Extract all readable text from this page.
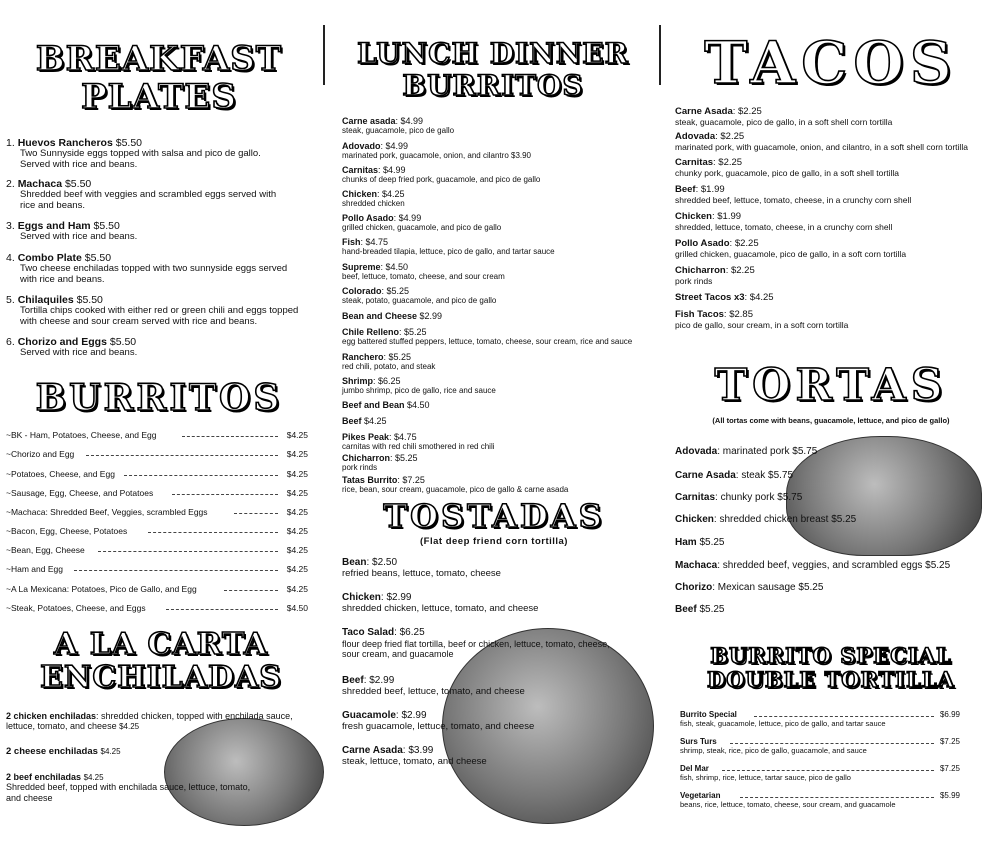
BREAKFAST
PLATES
1. Huevos Rancheros $5.50
Two Sunnyside eggs topped with salsa and pico de gallo.
Served with rice and beans.
2. Machaca $5.50
Shredded beef with veggies and scrambled eggs served with
rice and beans.
3. Eggs and Ham $5.50
Served with rice and beans.
4. Combo Plate $5.50
Two cheese enchiladas topped with two sunnyside eggs served
with rice and beans.
5. Chilaquiles $5.50
Tortilla chips cooked with either red or green chili and eggs topped
with cheese and sour cream served with rice and beans.
6. Chorizo and Eggs $5.50
Served with rice and beans.
BURRITOS
~BK - Ham, Potatoes, Cheese, and Egg	$4.25
~Chorizo and Egg	$4.25
~Potatoes, Cheese, and Egg	$4.25
~Sausage, Egg, Cheese, and Potatoes	$4.25
~Machaca: Shredded Beef, Veggies, scrambled Eggs	$4.25
~Bacon, Egg, Cheese, Potatoes	$4.25
~Bean, Egg, Cheese	$4.25
~Ham and Egg	$4.25
~A La Mexicana: Potatoes, Pico de Gallo, and Egg	$4.25
~Steak, Potatoes, Cheese, and Eggs	$4.50
A LA CARTA
ENCHILADAS
2 chicken enchiladas: shredded chicken, topped with enchilada sauce,
lettuce, tomato, and cheese $4.25
2 cheese enchiladas $4.25
2 beef enchiladas $4.25
Shredded beef, topped with enchilada sauce, lettuce, tomato,
and cheese
LUNCH DINNER
BURRITOS
Carne asada: $4.99
steak, guacamole, pico de gallo
Adovado: $4.99
marinated pork, guacamole, onion, and cilantro $3.90
Carnitas: $4.99
chunks of deep fried pork, guacamole, and pico de gallo
Chicken: $4.25
shredded chicken
Pollo Asado: $4.99
grilled chicken, guacamole, and pico de gallo
Fish: $4.75
hand-breaded tilapia, lettuce, pico de gallo, and tartar sauce
Supreme: $4.50
beef, lettuce, tomato, cheese, and sour cream
Colorado: $5.25
steak, potato, guacamole, and pico de gallo
Bean and Cheese $2.99
Chile Relleno: $5.25
egg battered stuffed peppers, lettuce, tomato, cheese, sour cream, rice and sauce
Ranchero: $5.25
red chili, potato, and steak
Shrimp: $6.25
jumbo shrimp, pico de gallo, rice and sauce
Beef and Bean $4.50
Beef $4.25
Pikes Peak: $4.75
carnitas with red chili smothered in red chili
Chicharron: $5.25
pork rinds
Tatas Burrito: $7.25
rice, bean, sour cream, guacamole, pico de gallo & carne asada
TOSTADAS
(Flat deep friend corn tortilla)
Bean: $2.50
refried beans, lettuce, tomato, cheese
Chicken: $2.99
shredded chicken, lettuce, tomato, and cheese
Taco Salad: $6.25
flour deep fried flat tortilla, beef or chicken, lettuce, tomato, cheese,
sour cream, and guacamole
Beef: $2.99
shredded beef, lettuce, tomato, and cheese
Guacamole: $2.99
fresh guacamole, lettuce, tomato, and cheese
Carne Asada: $3.99
steak, lettuce, tomato, and cheese
TACOS
Carne Asada: $2.25
steak, guacamole, pico de gallo, in a soft shell corn tortilla
Adovada: $2.25
marinated pork, with guacamole, onion, and cilantro, in a soft shell corn tortilla
Carnitas: $2.25
chunky pork, guacamole, pico de gallo, in a soft shell tortilla
Beef: $1.99
shredded beef, lettuce, tomato, cheese, in a crunchy corn shell
Chicken: $1.99
shredded, lettuce, tomato, cheese, in a crunchy corn shell
Pollo Asado: $2.25
grilled chicken, guacamole, pico de gallo, in a soft corn tortilla
Chicharron: $2.25
pork rinds
Street Tacos x3: $4.25
Fish Tacos: $2.85
pico de gallo, sour cream, in a soft corn tortilla
TORTAS
(All tortas come with beans, guacamole, lettuce, and pico de gallo)
Adovada: marinated pork $5.75
Carne Asada: steak $5.75
Carnitas: chunky pork $5.75
Chicken: shredded chicken breast $5.25
Ham $5.25
Machaca: shredded beef, veggies, and scrambled eggs $5.25
Chorizo: Mexican sausage $5.25
Beef $5.25
BURRITO SPECIAL
DOUBLE TORTILLA
Burrito Special	$6.99
fish, steak, guacamole, lettuce, pico de gallo, and tartar sauce
Surs Turs	$7.25
shrimp, steak, rice, pico de gallo, guacamole, and sauce
Del Mar	$7.25
fish, shrimp, rice, lettuce, tartar sauce, pico de gallo
Vegetarian	$5.99
beans, rice, lettuce, tomato, cheese, sour cream, and guacamole
